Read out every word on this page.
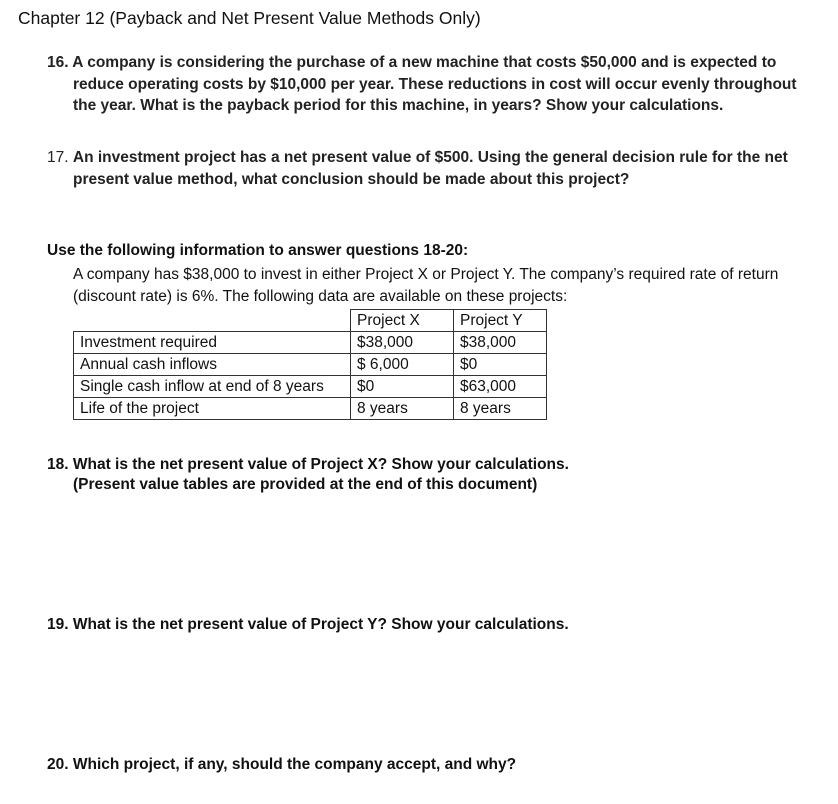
Chapter 12 (Payback and Net Present Value Methods Only)
16. A company is considering the purchase of a new machine that costs $50,000 and is expected to reduce operating costs by $10,000 per year. These reductions in cost will occur evenly throughout the year. What is the payback period for this machine, in years? Show your calculations.
17. An investment project has a net present value of $500. Using the general decision rule for the net present value method, what conclusion should be made about this project?
Use the following information to answer questions 18-20:
A company has $38,000 to invest in either Project X or Project Y. The company’s required rate of return (discount rate) is 6%. The following data are available on these projects:
	Project X	Project Y
Investment required	$38,000	$38,000
Annual cash inflows	$ 6,000	$0
Single cash inflow at end of 8 years	$0	$63,000
Life of the project	8 years	8 years
18. What is the net present value of Project X? Show your calculations.
(Present value tables are provided at the end of this document)
19. What is the net present value of Project Y? Show your calculations.
20. Which project, if any, should the company accept, and why?
